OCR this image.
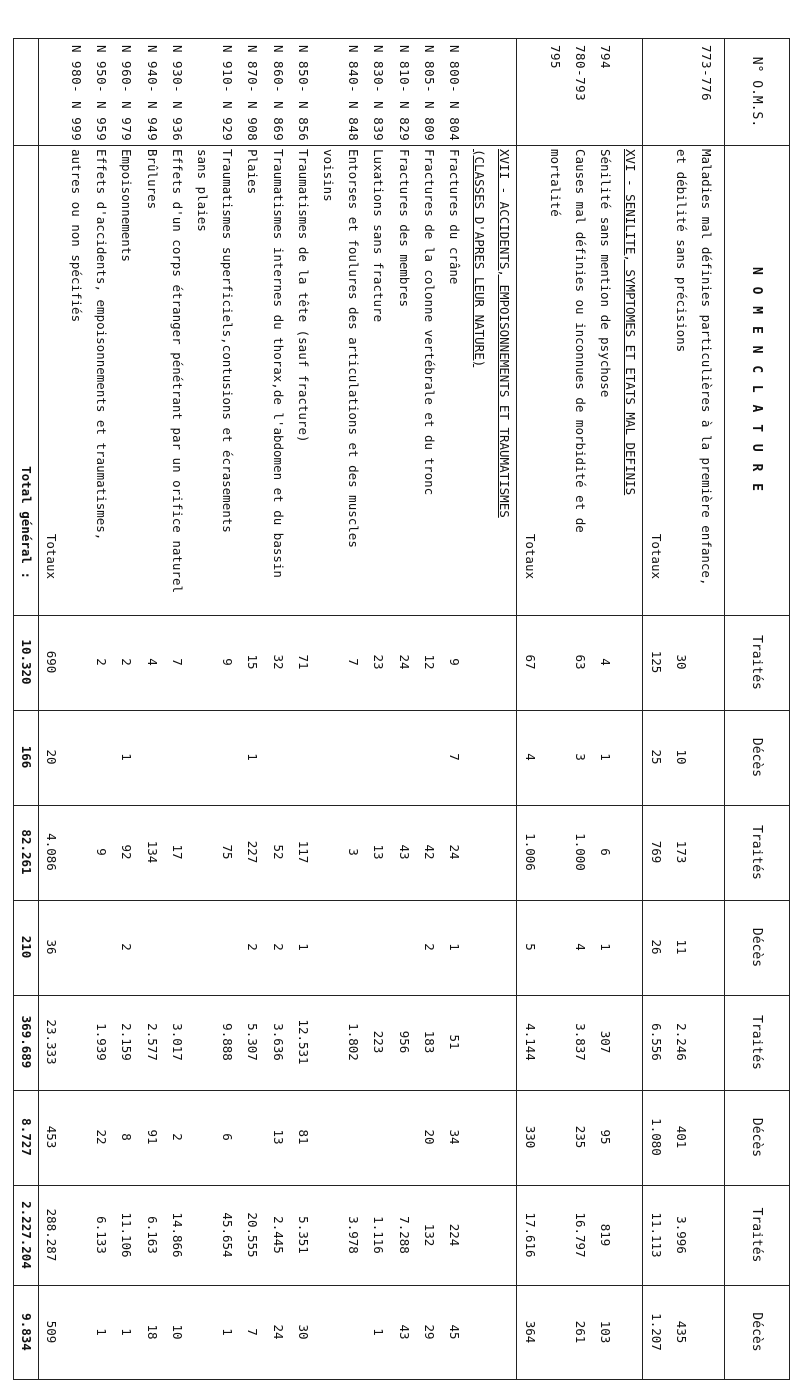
N° O.M.S.
N O M E N C L A T U R E
Traités
Décès
Traités
Décès
Traités
Décès
Traités
Décès
773-776
Maladies mal définies particulières à la première enfance,
et débilité sans précisions
30
10
173
11
2.246
401
3.996
435
Totaux
125
25
769
26
6.556
1.080
11.113
1.207
XVI - SENILITE, SYMPTOMES ET ETATS MAL DEFINIS
794
Sénilité sans mention de psychose
4
1
6
1
307
95
819
103
780-793
Causes mal définies ou inconnues de morbidité et de
63
3
1.000
4
3.837
235
16.797
261
795
mortalité
Totaux
67
4
1.006
5
4.144
330
17.616
364
XVII - ACCIDENTS, EMPOISONNEMENTS ET TRAUMATISMES
(CLASSES D'APRES LEUR NATURE)
N 800- N 804
Fractures du crâne
9
7
24
1
51
34
224
45
N 805- N 809
Fractures de la colonne vertébrale et du tronc
12
42
2
183
20
132
29
N 810- N 829
Fractures des membres
24
43
956
7.288
43
N 830- N 839
Luxations sans fracture
23
13
223
1.116
1
N 840- N 848
Entorses et foulures des articulations et des muscles
7
3
1.802
3.978
voisins
N 850- N 856
Traumatismes de la tête (sauf fracture)
71
117
1
12.531
81
5.351
30
N 860- N 869
Traumatismes internes du thorax,de l'abdomen et du bassin
32
52
2
3.636
13
2.445
24
N 870- N 908
Plaies
15
1
227
2
5.307
20.555
7
N 910- N 929
Traumatismes superficiels,contusions et écrasements
9
75
9.888
6
45.654
1
sans plaies
N 930- N 936
Effets d'un corps étranger pénétrant par un orifice naturel
7
17
3.017
2
14.866
10
N 940- N 949
Brûlures
4
134
2.577
91
6.163
18
N 960- N 979
Empoisonnements
2
1
92
2
2.159
8
11.106
1
N 950- N 959
Effets d'accidents, empoisonnements et traumatismes,
2
9
1.939
22
6.133
1
N 980- N 999
autres ou non spécifiés
Totaux
690
20
4.086
36
23.333
453
288.287
509
Total général :
10.320
166
82.261
210
369.689
8.727
2.227.204
9.834
